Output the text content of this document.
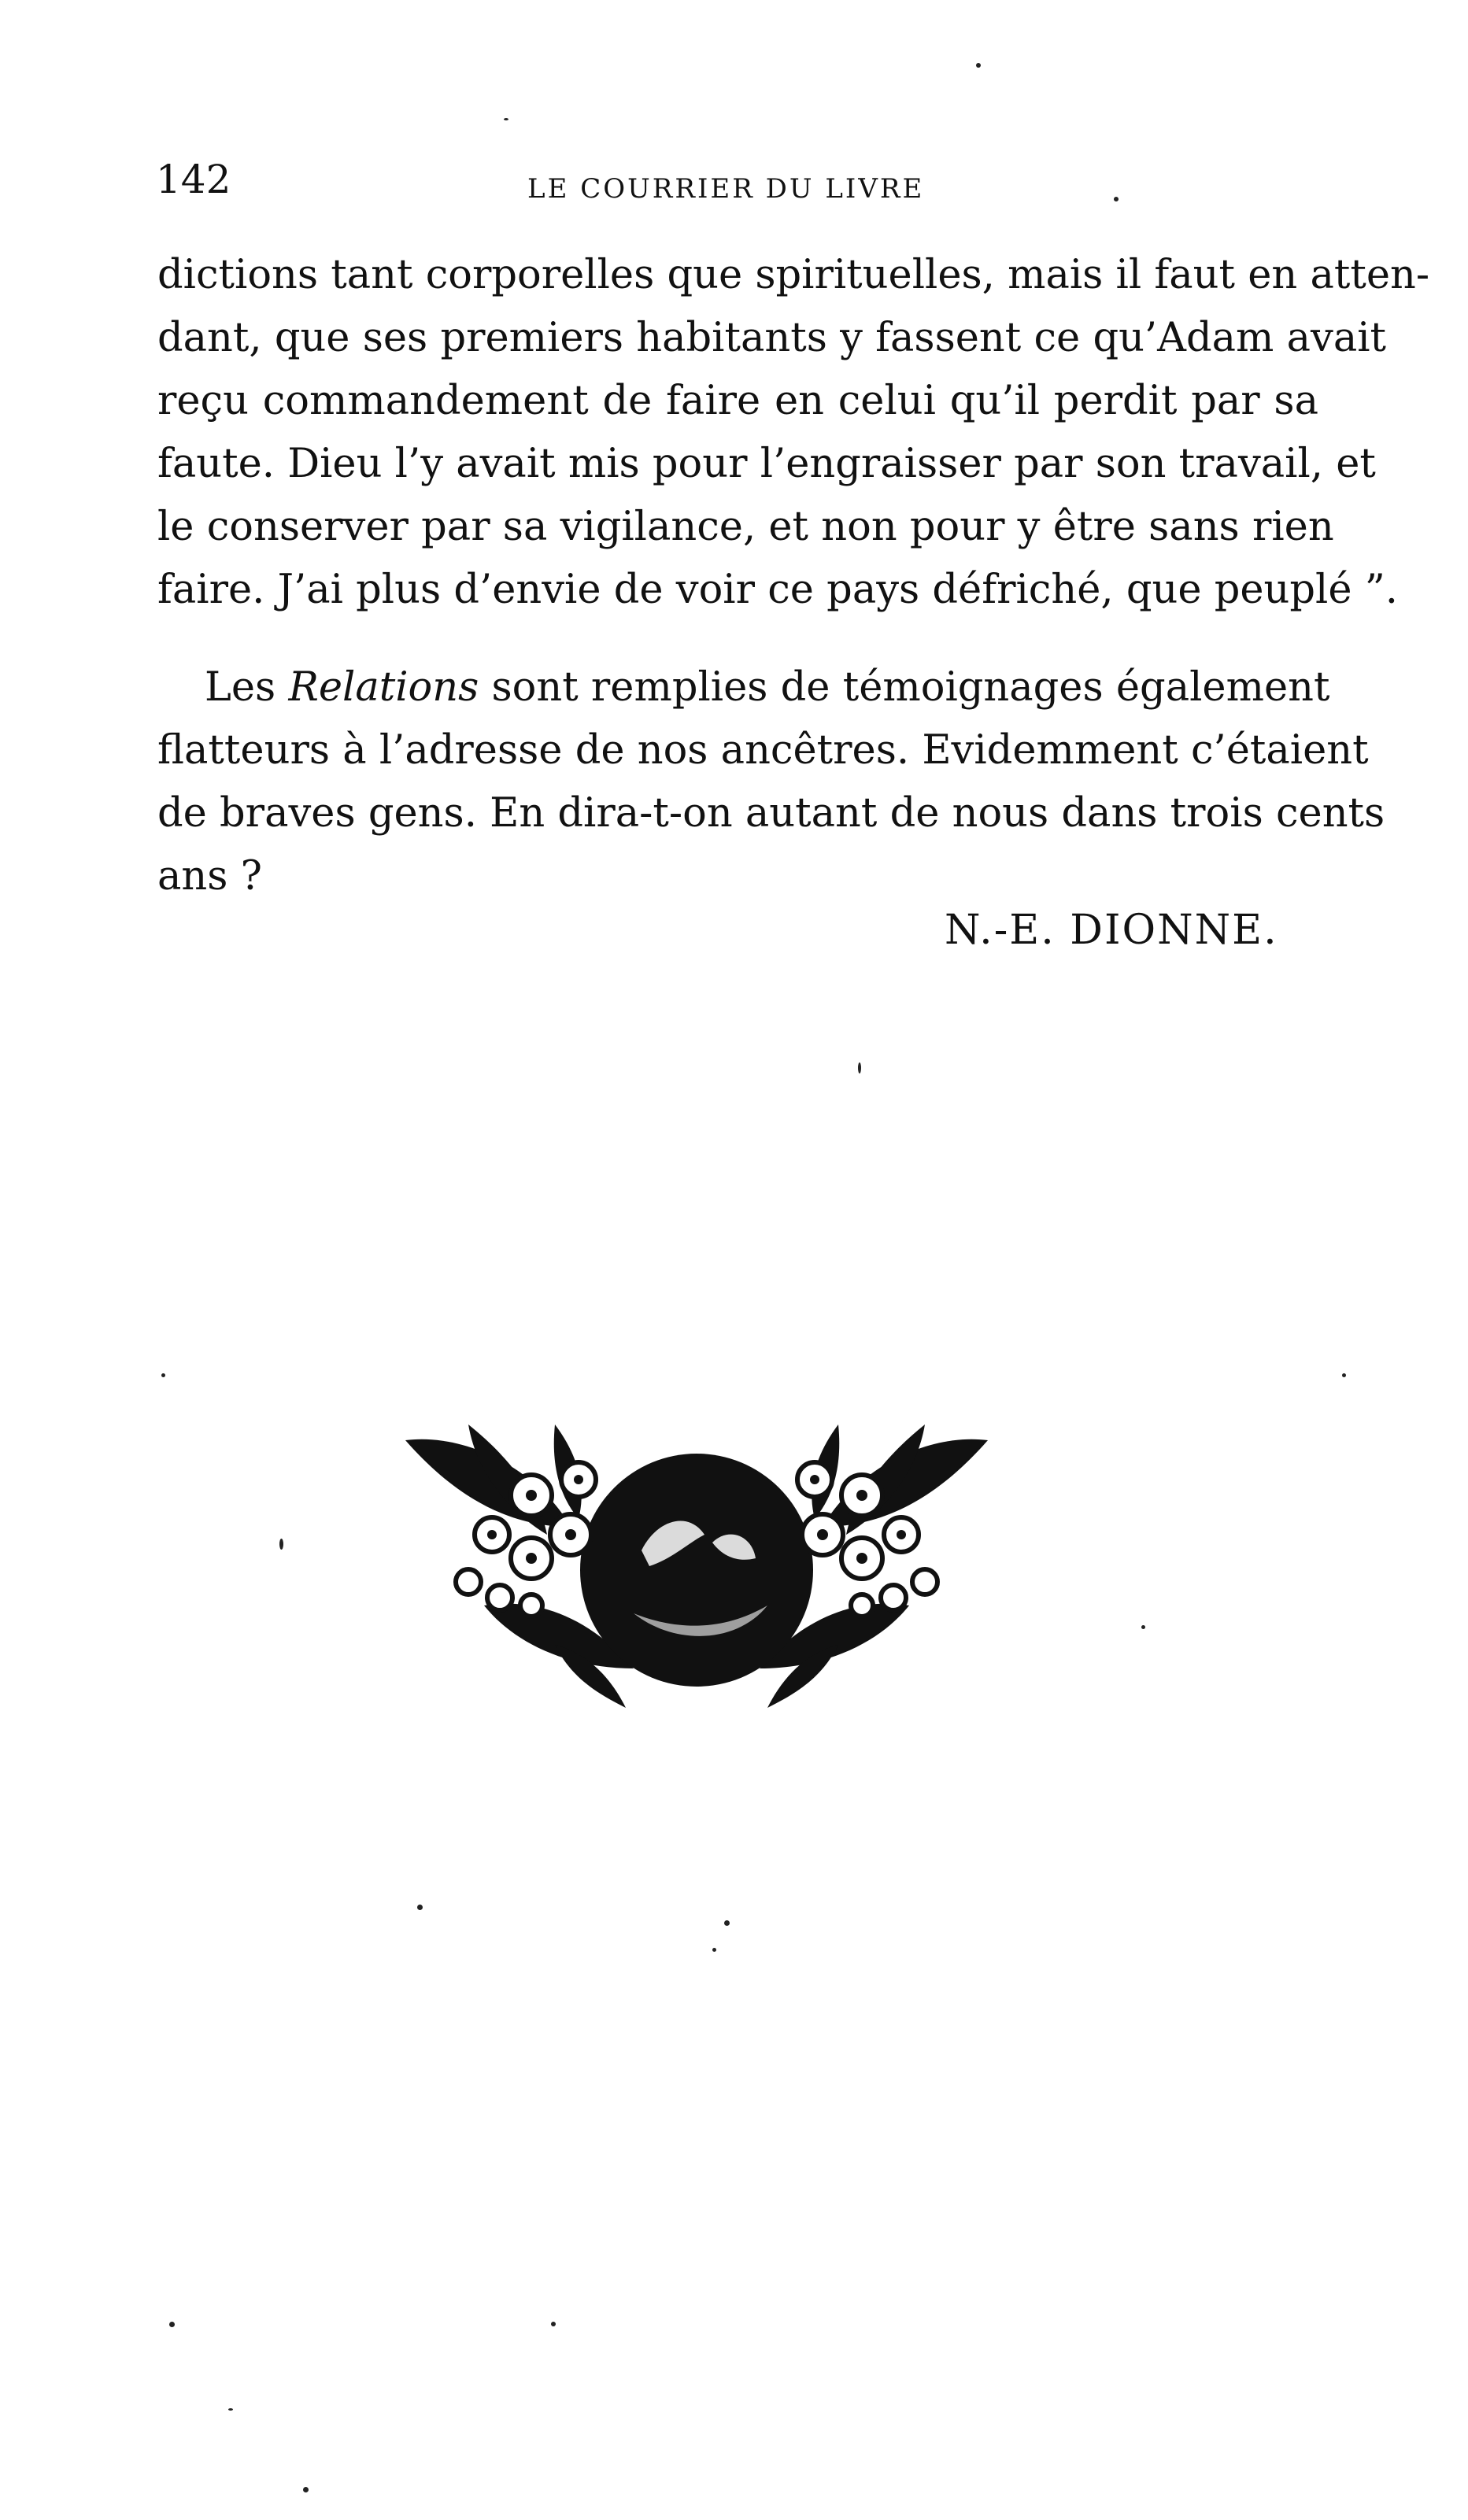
142	LE COURRIER DU LIVRE
dictions tant corporelles que spirituelles, mais il faut en atten-
dant, que ses premiers habitants y fassent ce qu’Adam avait
reçu commandement de faire en celui qu’il perdit par sa
faute. Dieu l’y avait mis pour l’engraisser par son travail, et
le conserver par sa vigilance, et non pour y être sans rien
faire. J’ai plus d’envie de voir ce pays défriché, que peuplé ”.
Les Relations sont remplies de témoignages également
flatteurs à l’adresse de nos ancêtres. Evidemment c’étaient
de braves gens. En dira-t-on autant de nous dans trois cents
ans ?
N.-E. DIONNE.
